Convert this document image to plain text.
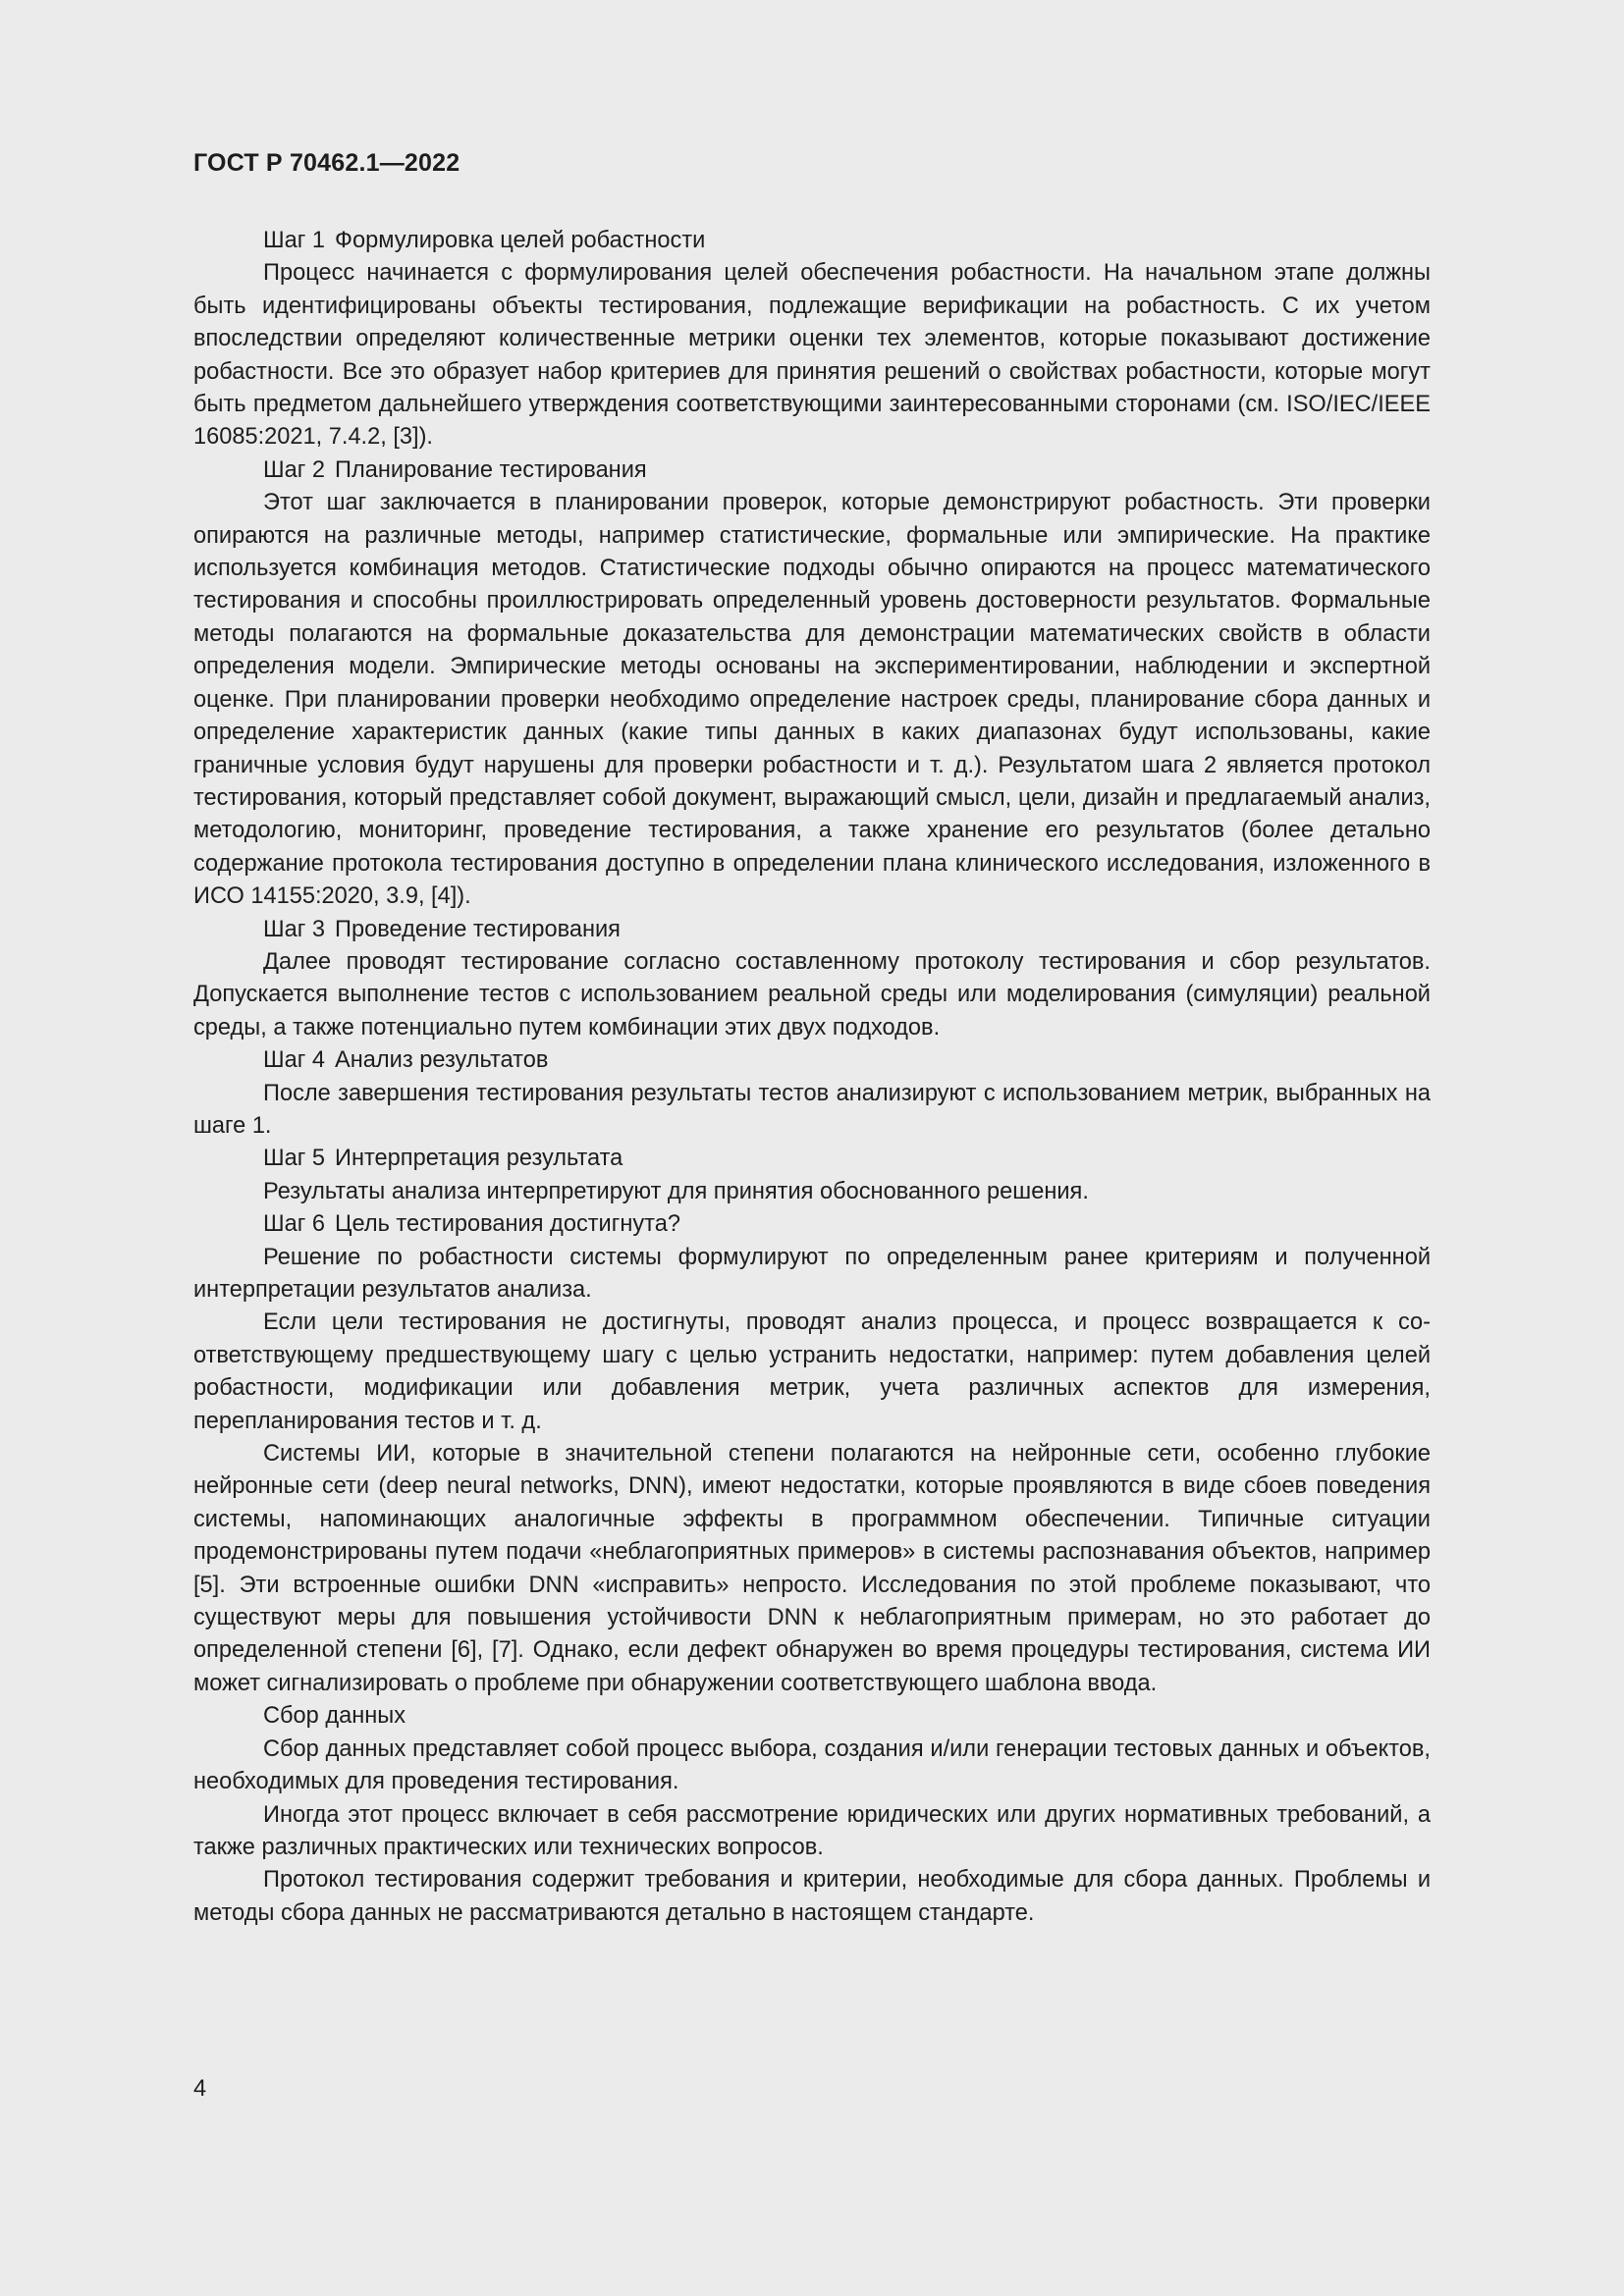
ГОСТ Р 70462.1—2022
Шаг 1 Формулировка целей робастности

Процесс начинается с формулирования целей обеспечения робастности. На начальном этапе должны быть идентифицированы объекты тестирования, подлежащие верификации на робастность. С их учетом впоследствии определяют количественные метрики оценки тех элементов, которые показывают достижение робастности. Все это образует набор критериев для принятия решений о свойствах робастности, которые могут быть предметом дальнейшего утверждения соответствующими заинтересованными сторонами (см. ISO/IEC/IEEE 16085:2021, 7.4.2, [3]).

Шаг 2 Планирование тестирования

Этот шаг заключается в планировании проверок, которые демонстрируют робастность. Эти проверки опираются на различные методы, например статистические, формальные или эмпирические. На практике используется комбинация методов. Статистические подходы обычно опираются на процесс математического тестирования и способны проиллюстрировать определенный уровень достоверности результатов. Формальные методы полагаются на формальные доказательства для демонстрации математических свойств в области определения модели. Эмпирические методы основаны на экспериментировании, наблюдении и экспертной оценке. При планировании проверки необходимо определение настроек среды, планирование сбора данных и определение характеристик данных (какие типы данных в каких диапазонах будут использованы, какие граничные условия будут нарушены для проверки робастности и т. д.). Результатом шага 2 является протокол тестирования, который представляет собой документ, выражающий смысл, цели, дизайн и предлагаемый анализ, методологию, мониторинг, проведение тестирования, а также хранение его результатов (более детально содержание протокола тестирования доступно в определении плана клинического исследования, изложенного в ИСО 14155:2020, 3.9, [4]).

Шаг 3 Проведение тестирования

Далее проводят тестирование согласно составленному протоколу тестирования и сбор результатов. Допускается выполнение тестов с использованием реальной среды или моделирования (симуляции) реальной среды, а также потенциально путем комбинации этих двух подходов.

Шаг 4 Анализ результатов

После завершения тестирования результаты тестов анализируют с использованием метрик, выбранных на шаге 1.

Шаг 5 Интерпретация результата

Результаты анализа интерпретируют для принятия обоснованного решения.

Шаг 6 Цель тестирования достигнута?

Решение по робастности системы формулируют по определенным ранее критериям и полученной интерпретации результатов анализа.

Если цели тестирования не достигнуты, проводят анализ процесса, и процесс возвращается к соответствующему предшествующему шагу с целью устранить недостатки, например: путем добавления целей робастности, модификации или добавления метрик, учета различных аспектов для измерения, перепланирования тестов и т. д.

Системы ИИ, которые в значительной степени полагаются на нейронные сети, особенно глубокие нейронные сети (deep neural networks, DNN), имеют недостатки, которые проявляются в виде сбоев поведения системы, напоминающих аналогичные эффекты в программном обеспечении. Типичные ситуации продемонстрированы путем подачи «неблагоприятных примеров» в системы распознавания объектов, например [5]. Эти встроенные ошибки DNN «исправить» непросто. Исследования по этой проблеме показывают, что существуют меры для повышения устойчивости DNN к неблагоприятным примерам, но это работает до определенной степени [6], [7]. Однако, если дефект обнаружен во время процедуры тестирования, система ИИ может сигнализировать о проблеме при обнаружении соответствующего шаблона ввода.

Сбор данных

Сбор данных представляет собой процесс выбора, создания и/или генерации тестовых данных и объектов, необходимых для проведения тестирования.

Иногда этот процесс включает в себя рассмотрение юридических или других нормативных требований, а также различных практических или технических вопросов.

Протокол тестирования содержит требования и критерии, необходимые для сбора данных. Проблемы и методы сбора данных не рассматриваются детально в настоящем стандарте.

4
